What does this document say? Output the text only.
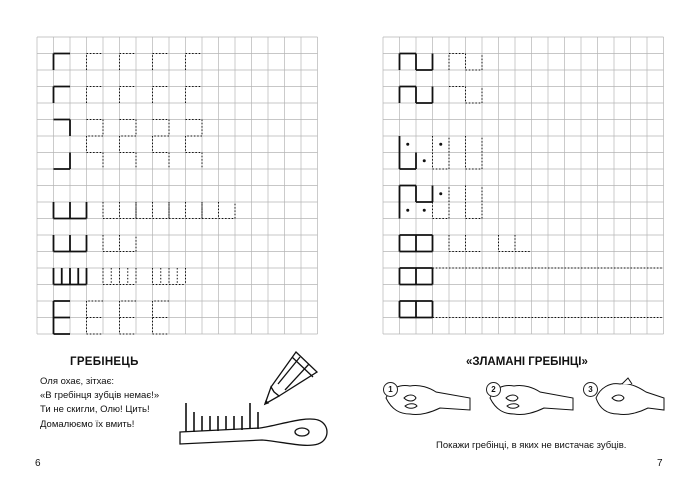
1	2	3
ГРЕБІНЕЦЬ
Оля охає, зітхає:
«В гребінця зубців немає!»
Ти не скигли, Олю! Цить!
Домалюємо їх вмить!
«ЗЛАМАНІ ГРЕБІНЦІ»
Покажи гребінці, в яких не вистачає зубців.
6	7
